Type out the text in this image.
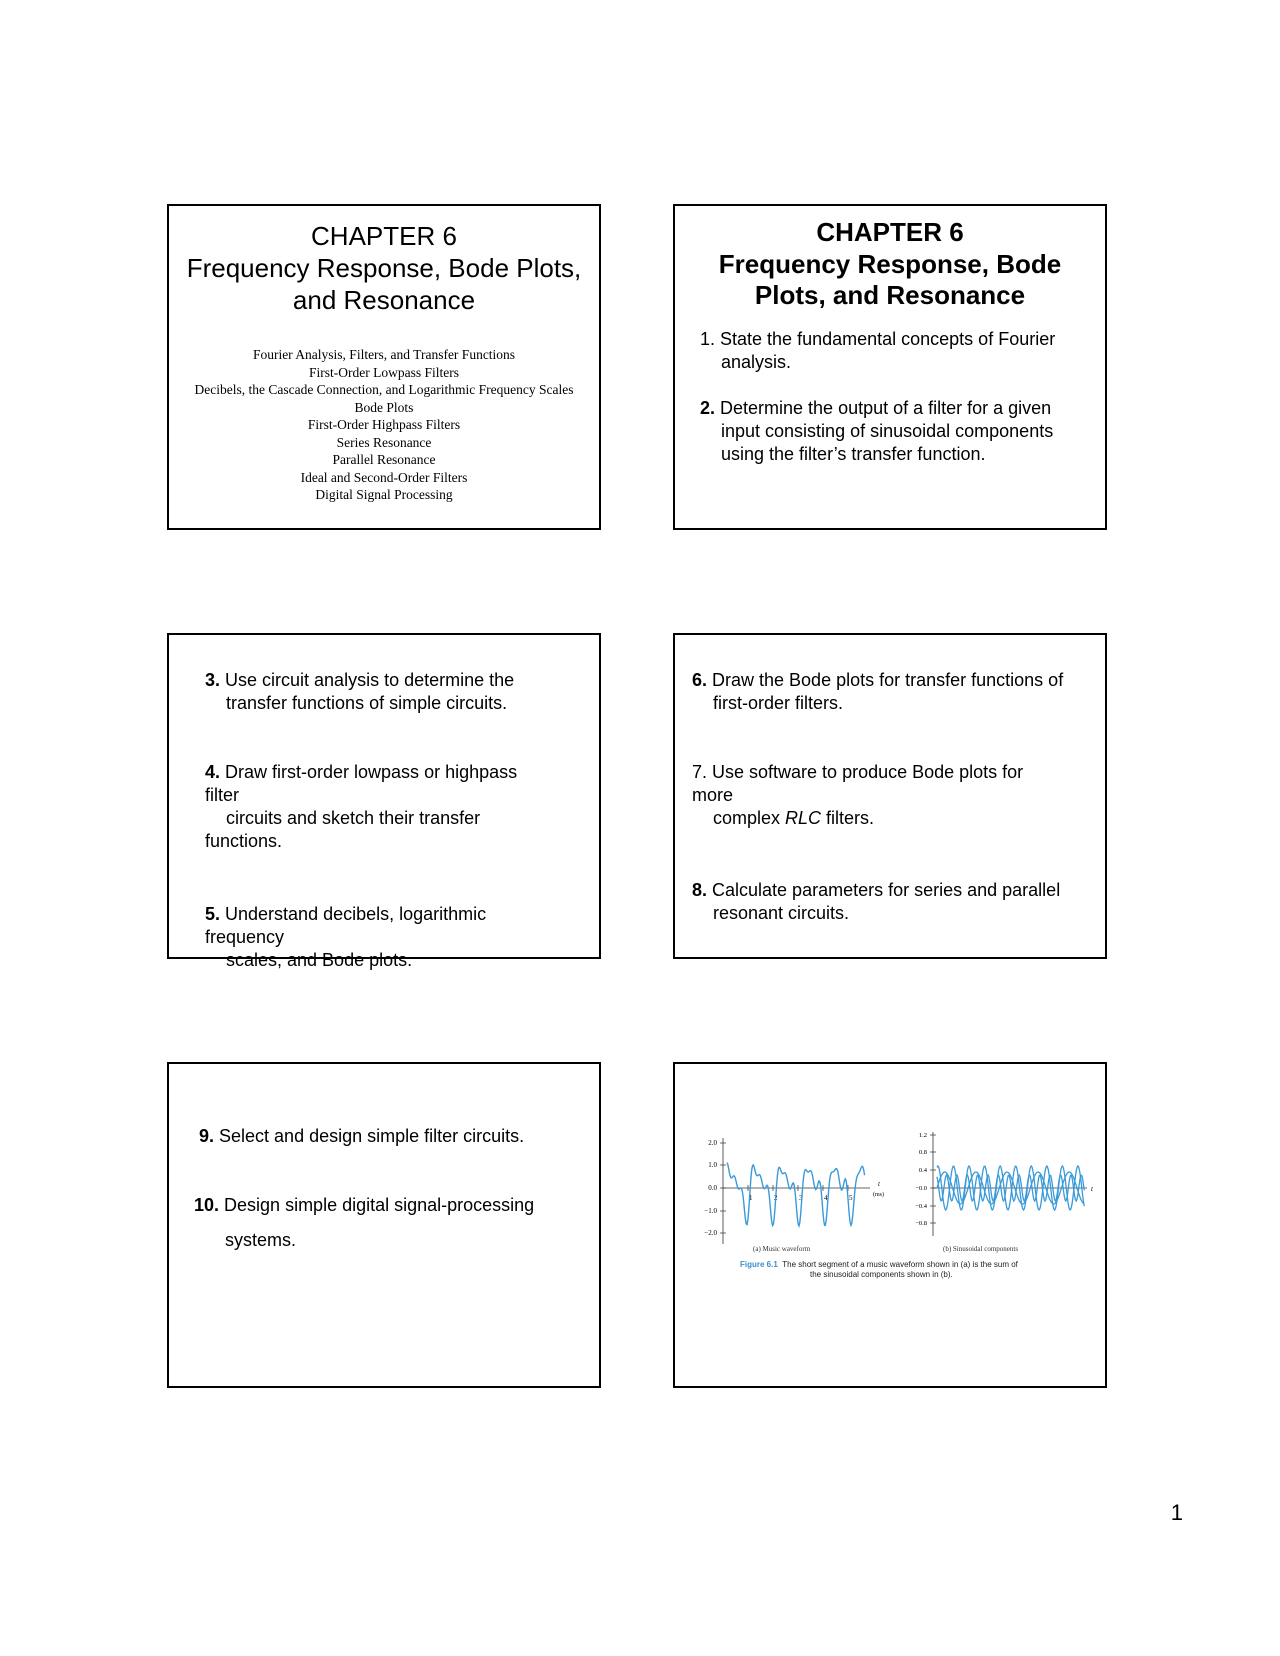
CHAPTER 6
Frequency Response, Bode Plots,
and Resonance
Fourier Analysis, Filters, and Transfer Functions
First-Order Lowpass Filters
Decibels, the Cascade Connection, and Logarithmic Frequency Scales
Bode Plots
First-Order Highpass Filters
Series Resonance
Parallel Resonance
Ideal and Second-Order Filters
Digital Signal Processing
CHAPTER 6
Frequency Response, Bode
Plots, and Resonance
1. State the fundamental concepts of Fourier
analysis.
2. Determine the output of a filter for a given
input consisting of sinusoidal components
using the filter’s transfer function.
3. Use circuit analysis to determine the
transfer functions of simple circuits.
4. Draw first-order lowpass or highpass
filter
circuits and sketch their transfer
functions.
5. Understand decibels, logarithmic
frequency
scales, and Bode plots.
6. Draw the Bode plots for transfer functions of
first-order filters.
7. Use software to produce Bode plots for
more
complex RLC filters.
8. Calculate parameters for series and parallel
resonant circuits.
9. Select and design simple filter circuits.
10. Design simple digital signal-processing
systems.
2.0
1.0
0.0
−1.0
−2.0
1	2	3	4	5
t
(ms)
1.2
0.8
0.4
−0.0
−0.4
−0.8
t
(a) Music waveform	(b) Sinusoidal components
Figure 6.1 The short segment of a music waveform shown in (a) is the sum of
the sinusoidal components shown in (b).
1
